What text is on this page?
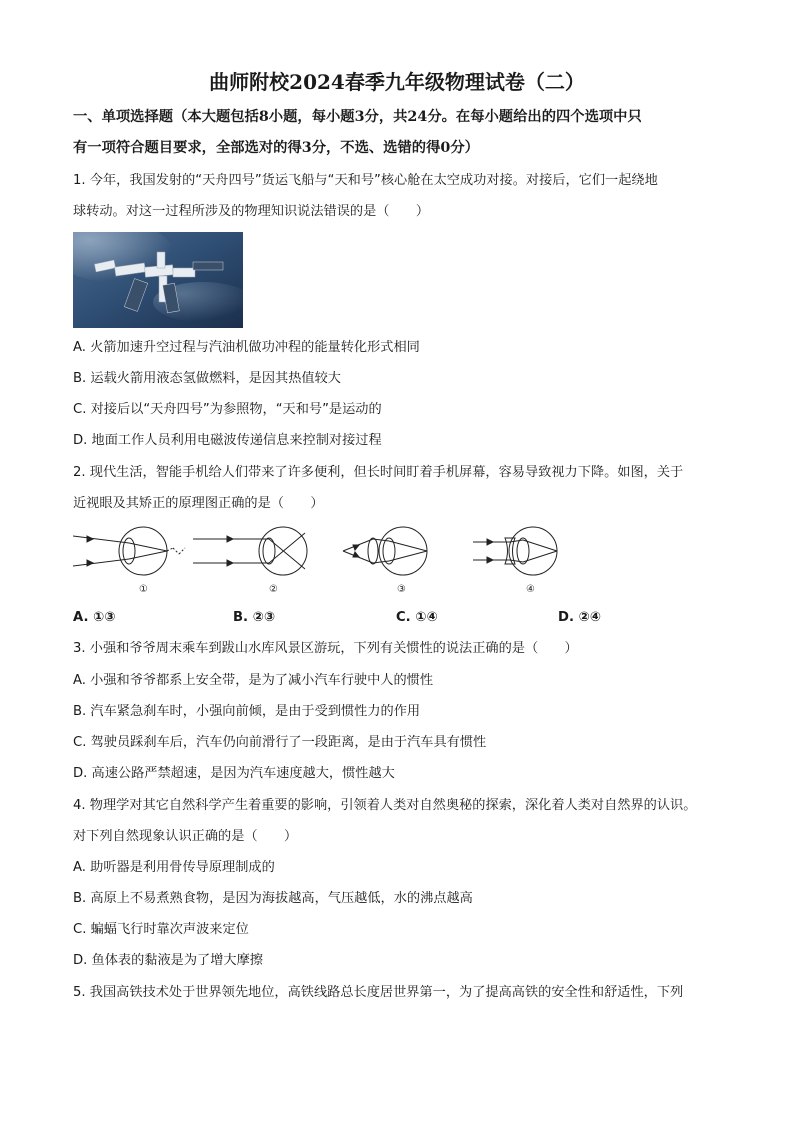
曲师附校2024春季九年级物理试卷（二）
一、单项选择题（本大题包括8小题，每小题3分，共24分。在每小题给出的四个选项中只
有一项符合题目要求，全部选对的得3分，不选、选错的得0分）
1. 今年，我国发射的“天舟四号”货运飞船与“天和号”核心舱在太空成功对接。对接后，它们一起绕地
球转动。对这一过程所涉及的物理知识说法错误的是（　　）
A. 火箭加速升空过程与汽油机做功冲程的能量转化形式相同
B. 运载火箭用液态氢做燃料，是因其热值较大
C. 对接后以“天舟四号”为参照物，“天和号”是运动的
D. 地面工作人员利用电磁波传递信息来控制对接过程
2. 现代生活，智能手机给人们带来了许多便利，但长时间盯着手机屏幕，容易导致视力下降。如图，关于
近视眼及其矫正的原理图正确的是（　　）
①	②	③	④
A. ①③	B. ②③	C. ①④	D. ②④
3. 小强和爷爷周末乘车到跋山水库风景区游玩，下列有关惯性的说法正确的是（　　）
A. 小强和爷爷都系上安全带，是为了减小汽车行驶中人的惯性
B. 汽车紧急刹车时，小强向前倾，是由于受到惯性力的作用
C. 驾驶员踩刹车后，汽车仍向前滑行了一段距离，是由于汽车具有惯性
D. 高速公路严禁超速，是因为汽车速度越大，惯性越大
4. 物理学对其它自然科学产生着重要的影响，引领着人类对自然奥秘的探索，深化着人类对自然界的认识。
对下列自然现象认识正确的是（　　）
A. 助听器是利用骨传导原理制成的
B. 高原上不易煮熟食物，是因为海拔越高，气压越低，水的沸点越高
C. 蝙蝠飞行时靠次声波来定位
D. 鱼体表的黏液是为了增大摩擦
5. 我国高铁技术处于世界领先地位，高铁线路总长度居世界第一，为了提高高铁的安全性和舒适性，下列
